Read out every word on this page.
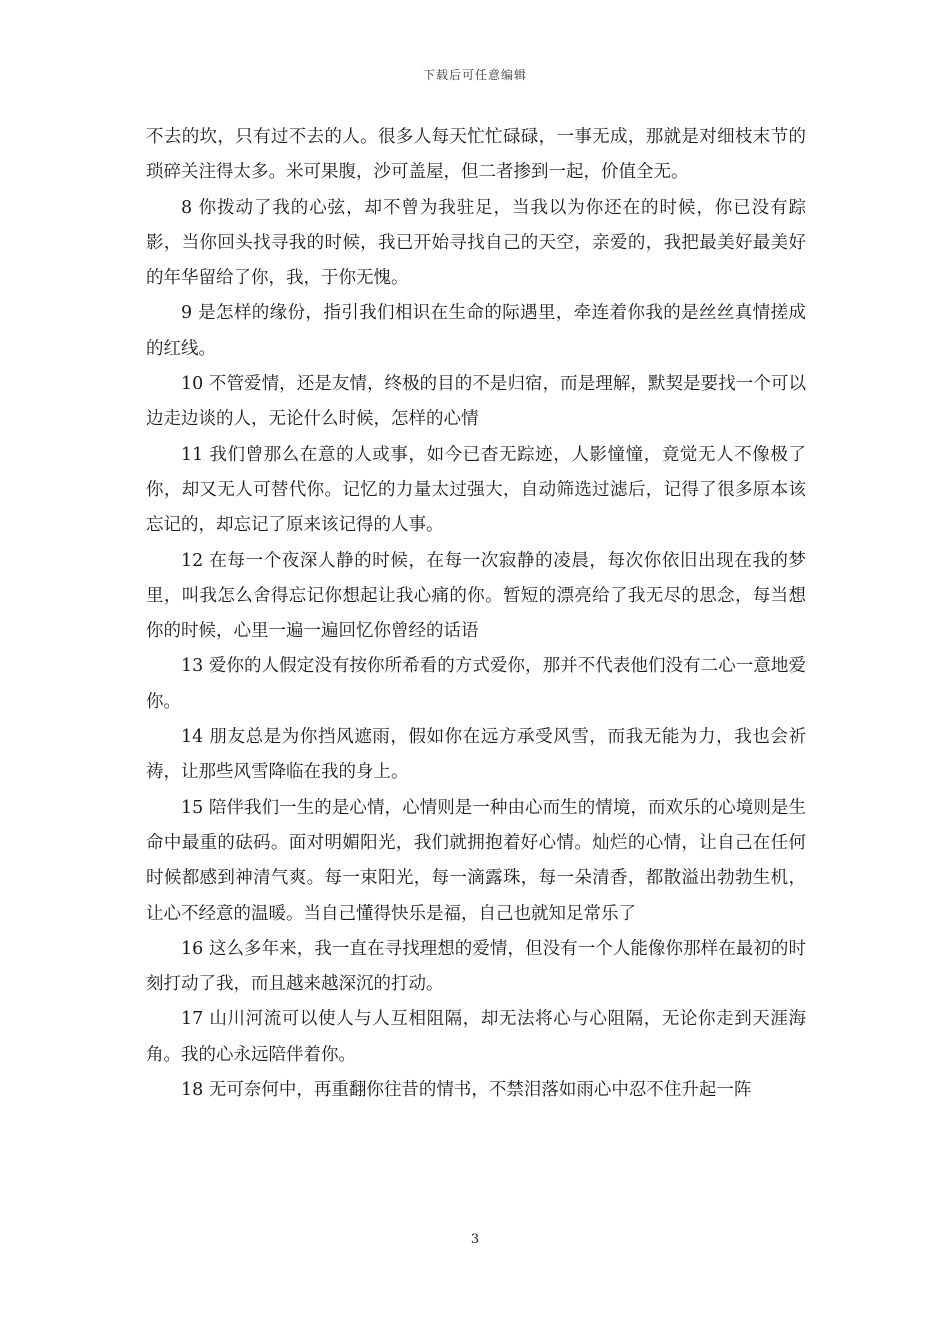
下载后可任意编辑

不去的坎，只有过不去的人。很多人每天忙忙碌碌，一事无成，那就是对细枝末节的琐碎关注得太多。米可果腹，沙可盖屋，但二者掺到一起，价值全无。

8 你拨动了我的心弦，却不曾为我驻足，当我以为你还在的时候，你已没有踪影，当你回头找寻我的时候，我已开始寻找自己的天空，亲爱的，我把最美好最美好的年华留给了你，我，于你无愧。

9 是怎样的缘份，指引我们相识在生命的际遇里，牵连着你我的是丝丝真情搓成的红线。

10 不管爱情，还是友情，终极的目的不是归宿，而是理解，默契是要找一个可以边走边谈的人，无论什么时候，怎样的心情

11 我们曾那么在意的人或事，如今已杳无踪迹，人影憧憧，竟觉无人不像极了你，却又无人可替代你。记忆的力量太过强大，自动筛选过滤后，记得了很多原本该忘记的，却忘记了原来该记得的人事。

12 在每一个夜深人静的时候，在每一次寂静的凌晨，每次你依旧出现在我的梦里，叫我怎么舍得忘记你想起让我心痛的你。暂短的漂亮给了我无尽的思念，每当想你的时候，心里一遍一遍回忆你曾经的话语

13 爱你的人假定没有按你所希看的方式爱你，那并不代表他们没有二心一意地爱你。

14 朋友总是为你挡风遮雨，假如你在远方承受风雪，而我无能为力，我也会祈祷，让那些风雪降临在我的身上。

15 陪伴我们一生的是心情，心情则是一种由心而生的情境，而欢乐的心境则是生命中最重的砝码。面对明媚阳光，我们就拥抱着好心情。灿烂的心情，让自己在任何时候都感到神清气爽。每一束阳光，每一滴露珠，每一朵清香，都散溢出勃勃生机，让心不经意的温暖。当自己懂得快乐是福，自己也就知足常乐了

16 这么多年来，我一直在寻找理想的爱情，但没有一个人能像你那样在最初的时刻打动了我，而且越来越深沉的打动。

17 山川河流可以使人与人互相阻隔，却无法将心与心阻隔，无论你走到天涯海角。我的心永远陪伴着你。

18 无可奈何中，再重翻你往昔的情书，不禁泪落如雨心中忍不住升起一阵

3
